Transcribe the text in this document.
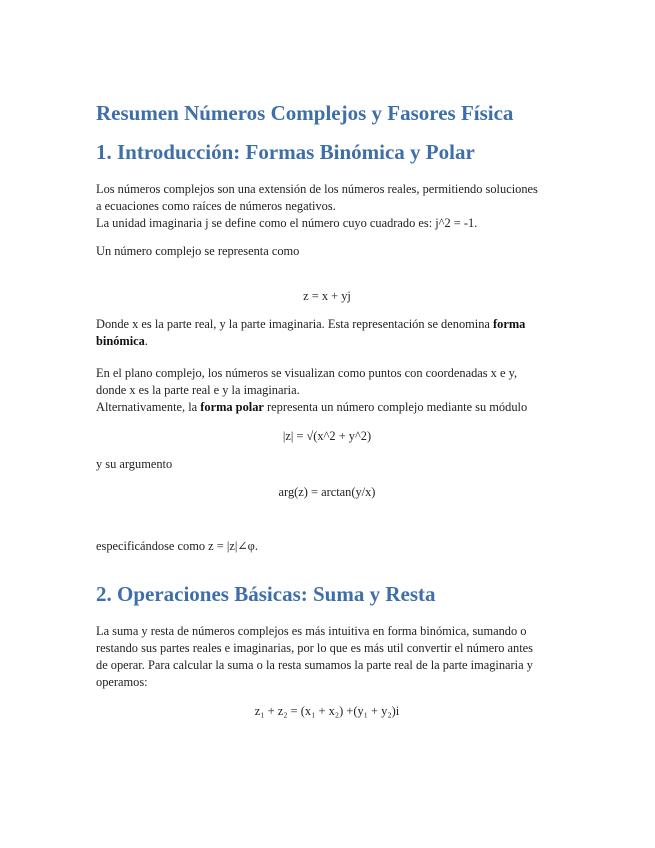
Resumen Números Complejos y Fasores Física
1. Introducción: Formas Binómica y Polar

Los números complejos son una extensión de los números reales, permitiendo soluciones
a ecuaciones como raíces de números negativos.
La unidad imaginaria j se define como el número cuyo cuadrado es: j^2 = -1.

Un número complejo se representa como

z = x + yj

Donde x es la parte real, y la parte imaginaria. Esta representación se denomina forma
binómica.

En el plano complejo, los números se visualizan como puntos con coordenadas x e y,
donde x es la parte real e y la imaginaria.
Alternativamente, la forma polar representa un número complejo mediante su módulo

|z| = √(x^2 + y^2)

y su argumento

arg(z) = arctan(y/x)

especificándose como z = |z|∠φ.

2. Operaciones Básicas: Suma y Resta

La suma y resta de números complejos es más intuitiva en forma binómica, sumando o
restando sus partes reales e imaginarias, por lo que es más util convertir el número antes
de operar. Para calcular la suma o la resta sumamos la parte real de la parte imaginaria y
operamos:

z₁ + z₂ = (x₁ + x₂) +(y₁ + y₂)i
